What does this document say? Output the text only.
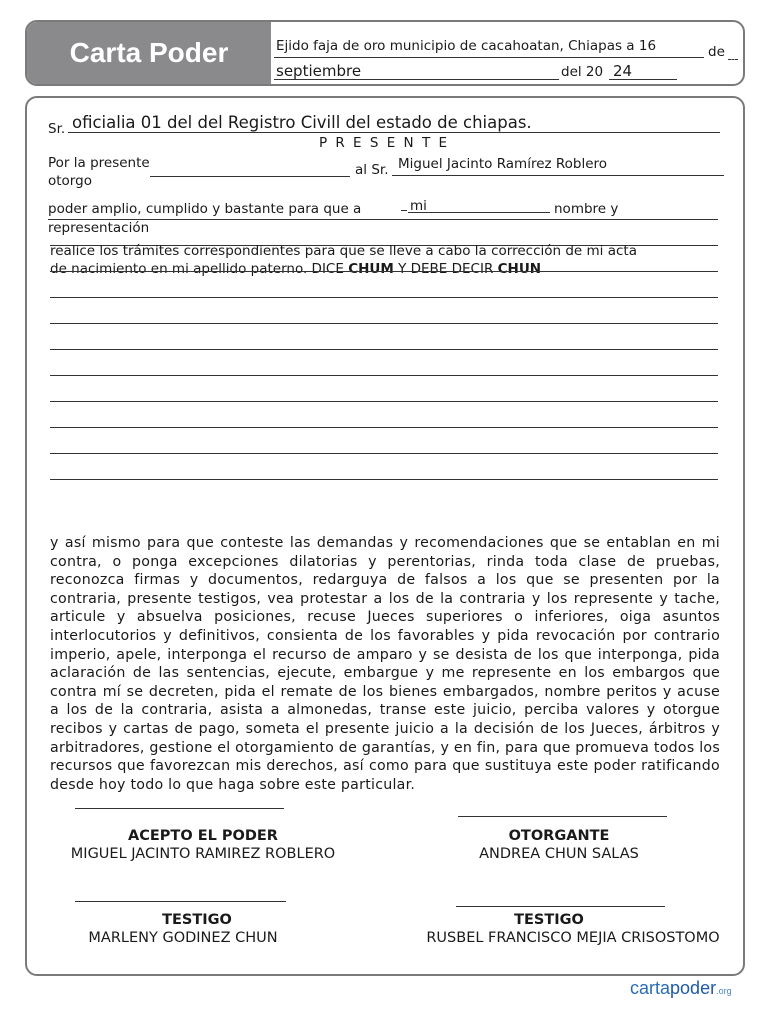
Carta Poder	Ejido faja de oro municipio de cacahoatan, Chiapas a 16	de
septiembre	del 20 24
Sr. oficialia 01 del del Registro Civill del estado de chiapas.
P R E S E N T E
Por la presente
otorgo
al Sr. Miguel Jacinto Ramírez Roblero
poder amplio, cumplido y bastante para que a	mi	nombre y
representación
realice los trámites correspondientes para que se lleve a cabo la corrección de mi acta
de nacimiento en mi apellido paterno. DICE CHUM Y DEBE DECIR CHUN
y así mismo para que conteste las demandas y recomendaciones que se entablan en mi contra, o ponga excepciones dilatorias y perentorias, rinda toda clase de pruebas, reconozca firmas y documentos, redarguya de falsos a los que se presenten por la contraria, presente testigos, vea protestar a los de la contraria y los represente y tache, articule y absuelva posiciones, recuse Jueces superiores o inferiores, oiga asuntos interlocutorios y definitivos, consienta de los favorables y pida revocación por contrario imperio, apele, interponga el recurso de amparo y se desista de los que interponga, pida aclaración de las sentencias, ejecute, embargue y me represente en los embargos que contra mí se decreten, pida el remate de los bienes embargados, nombre peritos y acuse a los de la contraria, asista a almonedas, transe este juicio, perciba valores y otorgue recibos y cartas de pago, someta el presente juicio a la decisión de los Jueces, árbitros y arbitradores, gestione el otorgamiento de garantías, y en fin, para que promueva todos los recursos que favorezcan mis derechos, así como para que sustituya este poder ratificando desde hoy todo lo que haga sobre este particular.
ACEPTO EL PODER
MIGUEL JACINTO RAMIREZ ROBLERO
OTORGANTE
ANDREA CHUN SALAS
TESTIGO
MARLENY GODINEZ CHUN
TESTIGO
RUSBEL FRANCISCO MEJIA CRISOSTOMO
cartapoder.org
